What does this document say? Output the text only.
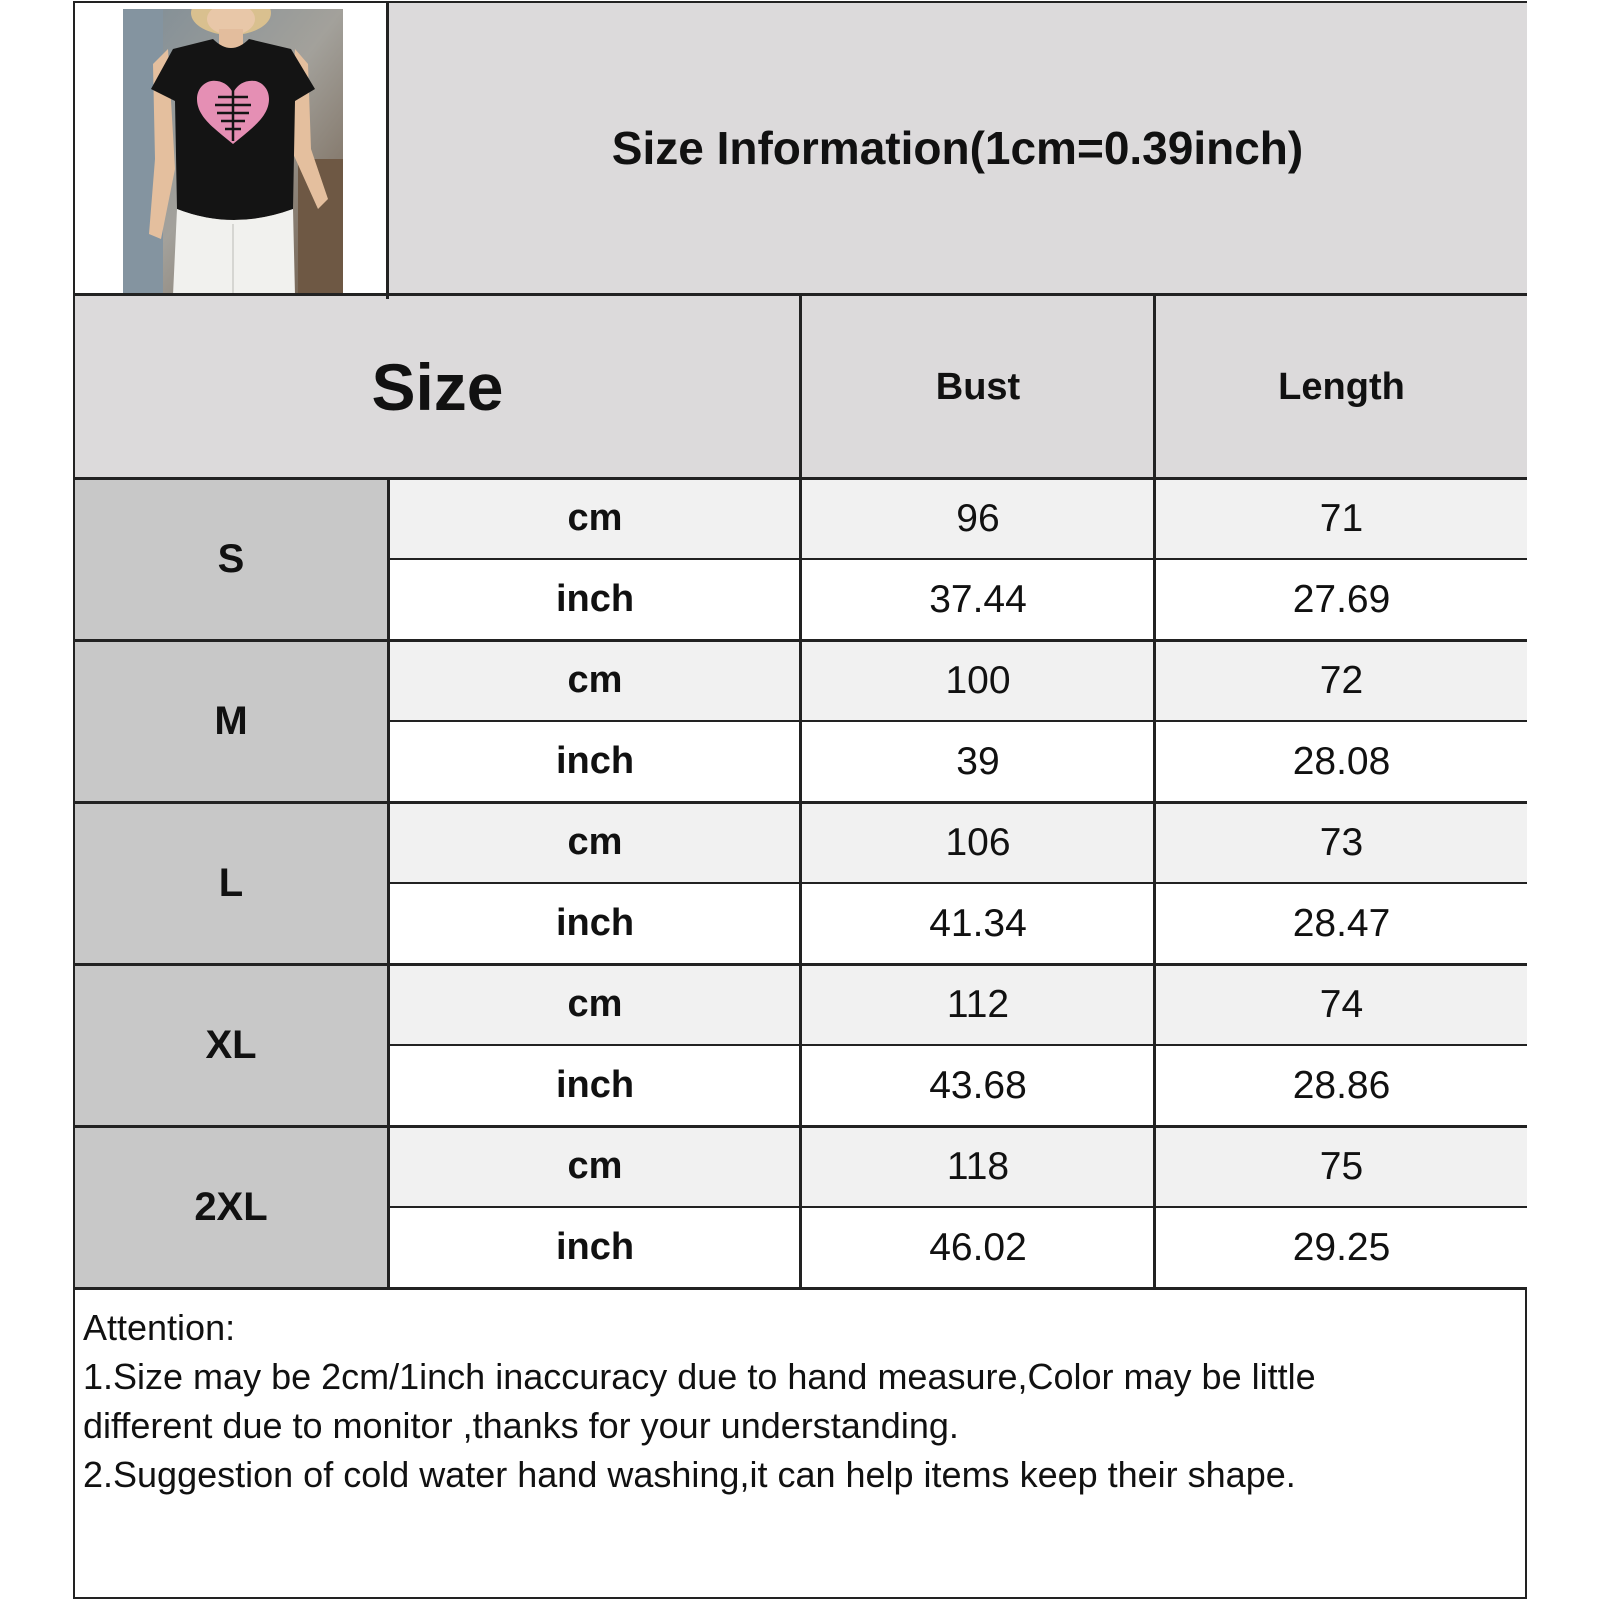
Size Information(1cm=0.39inch)
Size	Bust	Length
S
cm	96	71
inch	37.44	27.69
M
cm	100	72
inch	39	28.08
L
cm	106	73
inch	41.34	28.47
XL
cm	112	74
inch	43.68	28.86
2XL
cm	118	75
inch	46.02	29.25
Attention:
1.Size may be 2cm/1inch inaccuracy due to hand measure,Color may be little
different due to monitor ,thanks for your understanding.
2.Suggestion of cold water hand washing,it can help items keep their shape.
